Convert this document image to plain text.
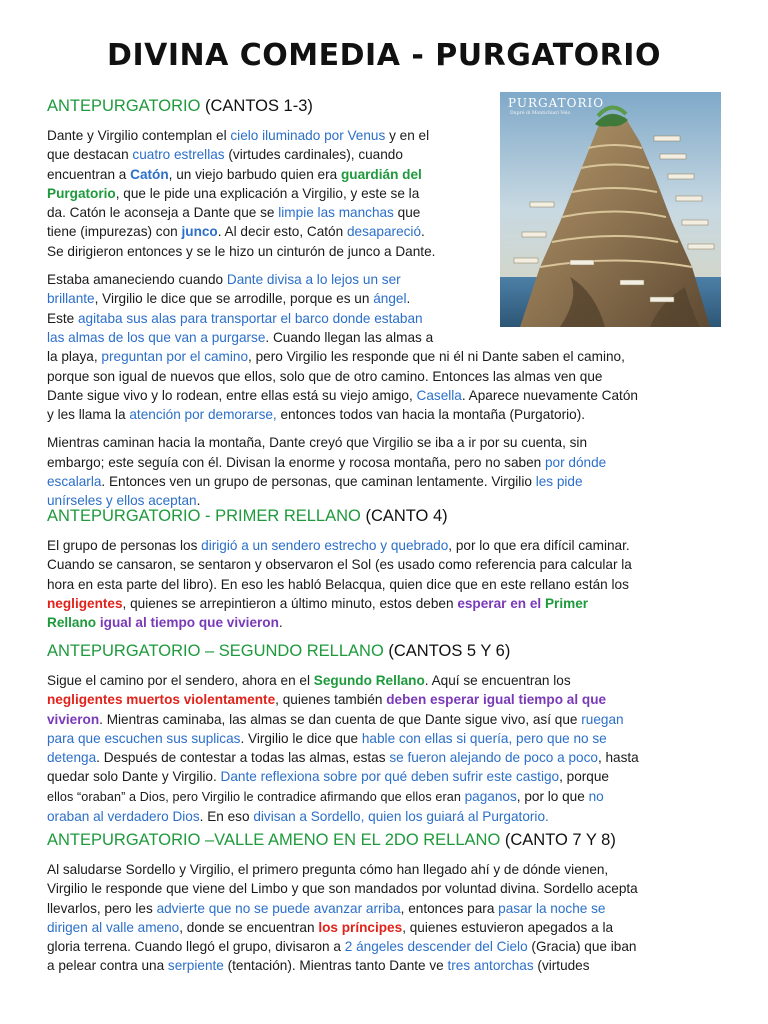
DIVINA COMEDIA - PURGATORIO
PURGATORIO
Dupré di Montichiari Velo

ANTEPURGATORIO (CANTOS 1-3)

Dante y Virgilio contemplan el cielo iluminado por Venus y en el
que destacan cuatro estrellas (virtudes cardinales), cuando
encuentran a Catón, un viejo barbudo quien era guardián del
Purgatorio, que le pide una explicación a Virgilio, y este se la
da. Catón le aconseja a Dante que se limpie las manchas que
tiene (impurezas) con junco. Al decir esto, Catón desapareció.
Se dirigieron entonces y se le hizo un cinturón de junco a Dante.

Estaba amaneciendo cuando Dante divisa a lo lejos un ser
brillante, Virgilio le dice que se arrodille, porque es un ángel.
Este agitaba sus alas para transportar el barco donde estaban
las almas de los que van a purgarse. Cuando llegan las almas a
la playa, preguntan por el camino, pero Virgilio les responde que ni él ni Dante saben el camino,
porque son igual de nuevos que ellos, solo que de otro camino. Entonces las almas ven que
Dante sigue vivo y lo rodean, entre ellas está su viejo amigo, Casella. Aparece nuevamente Catón
y les llama la atención por demorarse, entonces todos van hacia la montaña (Purgatorio).

Mientras caminan hacia la montaña, Dante creyó que Virgilio se iba a ir por su cuenta, sin
embargo; este seguía con él. Divisan la enorme y rocosa montaña, pero no saben por dónde
escalarla. Entonces ven un grupo de personas, que caminan lentamente. Virgilio les pide
unírseles y ellos aceptan.

ANTEPURGATORIO - PRIMER RELLANO (CANTO 4)

El grupo de personas los dirigió a un sendero estrecho y quebrado, por lo que era difícil caminar.
Cuando se cansaron, se sentaron y observaron el Sol (es usado como referencia para calcular la
hora en esta parte del libro). En eso les habló Belacqua, quien dice que en este rellano están los
negligentes, quienes se arrepintieron a último minuto, estos deben esperar en el Primer
Rellano igual al tiempo que vivieron.

ANTEPURGATORIO – SEGUNDO RELLANO (CANTOS 5 Y 6)

Sigue el camino por el sendero, ahora en el Segundo Rellano. Aquí se encuentran los
negligentes muertos violentamente, quienes también deben esperar igual tiempo al que
vivieron. Mientras caminaba, las almas se dan cuenta de que Dante sigue vivo, así que ruegan
para que escuchen sus suplicas. Virgilio le dice que hable con ellas si quería, pero que no se
detenga. Después de contestar a todas las almas, estas se fueron alejando de poco a poco, hasta
quedar solo Dante y Virgilio. Dante reflexiona sobre por qué deben sufrir este castigo, porque
ellos “oraban” a Dios, pero Virgilio le contradice afirmando que ellos eran paganos, por lo que no
oraban al verdadero Dios. En eso divisan a Sordello, quien los guiará al Purgatorio.

ANTEPURGATORIO –VALLE AMENO EN EL 2DO RELLANO (CANTO 7 Y 8)

Al saludarse Sordello y Virgilio, el primero pregunta cómo han llegado ahí y de dónde vienen,
Virgilio le responde que viene del Limbo y que son mandados por voluntad divina. Sordello acepta
llevarlos, pero les advierte que no se puede avanzar arriba, entonces para pasar la noche se
dirigen al valle ameno, donde se encuentran los príncipes, quienes estuvieron apegados a la
gloria terrena. Cuando llegó el grupo, divisaron a 2 ángeles descender del Cielo (Gracia) que iban
a pelear contra una serpiente (tentación). Mientras tanto Dante ve tres antorchas (virtudes
